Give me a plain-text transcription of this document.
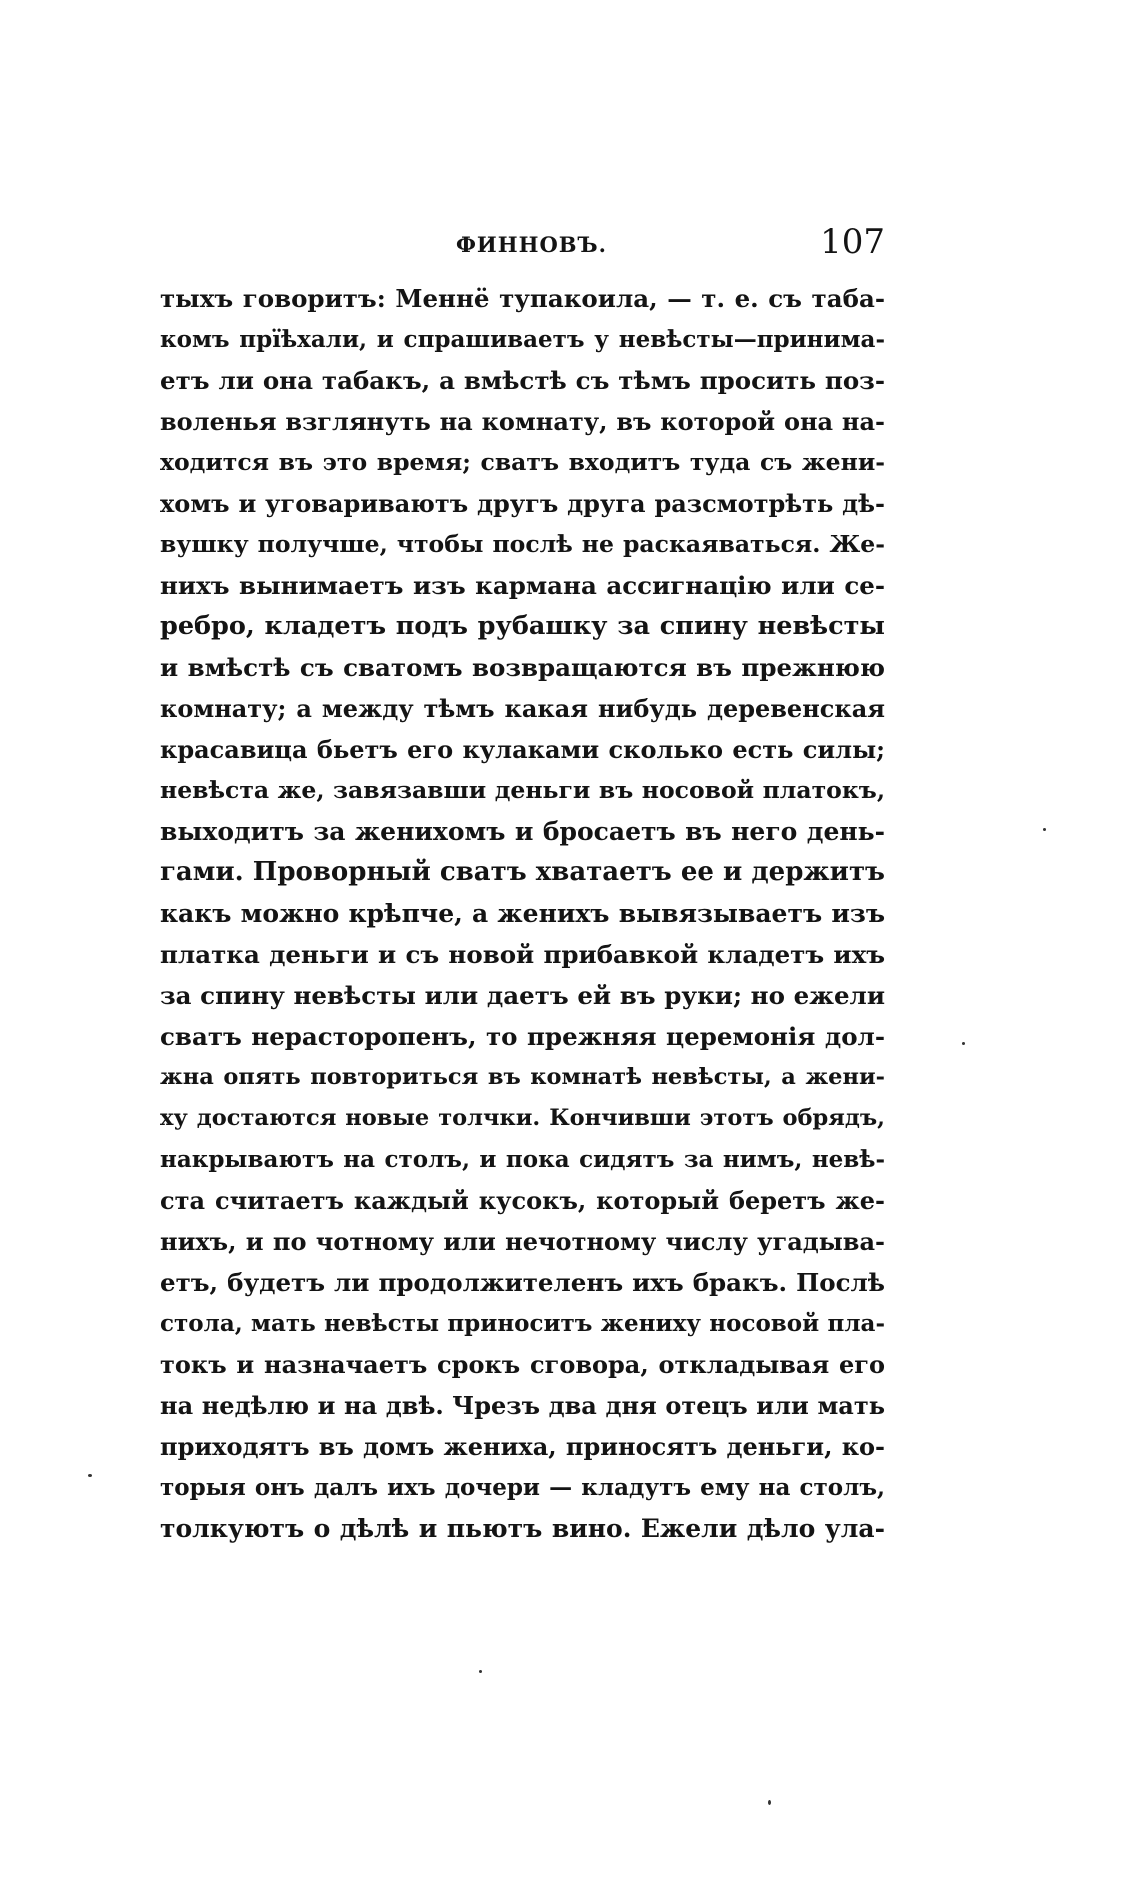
ФИННОВЪ.	107
тыхъ говоритъ: Меннё тупакоила, — т. е. съ таба-
комъ прїѣхали, и спрашиваетъ у невѣсты—принима-
етъ ли она табакъ, а вмѣстѣ съ тѣмъ просить поз-
воленья взглянуть на комнату, въ которой она на-
ходится въ это время; сватъ входитъ туда съ жени-
хомъ и уговариваютъ другъ друга разсмотрѣть дѣ-
вушку получше, чтобы послѣ не раскаяваться. Же-
нихъ вынимаетъ изъ кармана ассигнацію или се-
ребро, кладетъ подъ рубашку за спину невѣсты
и вмѣстѣ съ сватомъ возвращаются въ прежнюю
комнату; а между тѣмъ какая нибудь деревенская
красавица бьетъ его кулаками сколько есть силы;
невѣста же, завязавши деньги въ носовой платокъ,
выходитъ за женихомъ и бросаетъ въ него день-
гами. Проворный сватъ хватаетъ ее и держитъ
какъ можно крѣпче, а женихъ вывязываетъ изъ
платка деньги и съ новой прибавкой кладетъ ихъ
за спину невѣсты или даетъ ей въ руки; но ежели
сватъ нерасторопенъ, то прежняя церемонія дол-
жна опять повториться въ комнатѣ невѣсты, а жени-
ху достаются новые толчки. Кончивши этотъ обрядъ,
накрываютъ на столъ, и пока сидятъ за нимъ, невѣ-
ста считаетъ каждый кусокъ, который беретъ же-
нихъ, и по чотному или нечотному числу угадыва-
етъ, будетъ ли продолжителенъ ихъ бракъ. Послѣ
стола, мать невѣсты приноситъ жениху носовой пла-
токъ и назначаетъ срокъ сговора, откладывая его
на недѣлю и на двѣ. Чрезъ два дня отецъ или мать
приходятъ въ домъ жениха, приносятъ деньги, ко-
торыя онъ далъ ихъ дочери — кладутъ ему на столъ,
толкуютъ о дѣлѣ и пьютъ вино. Ежели дѣло ула-
